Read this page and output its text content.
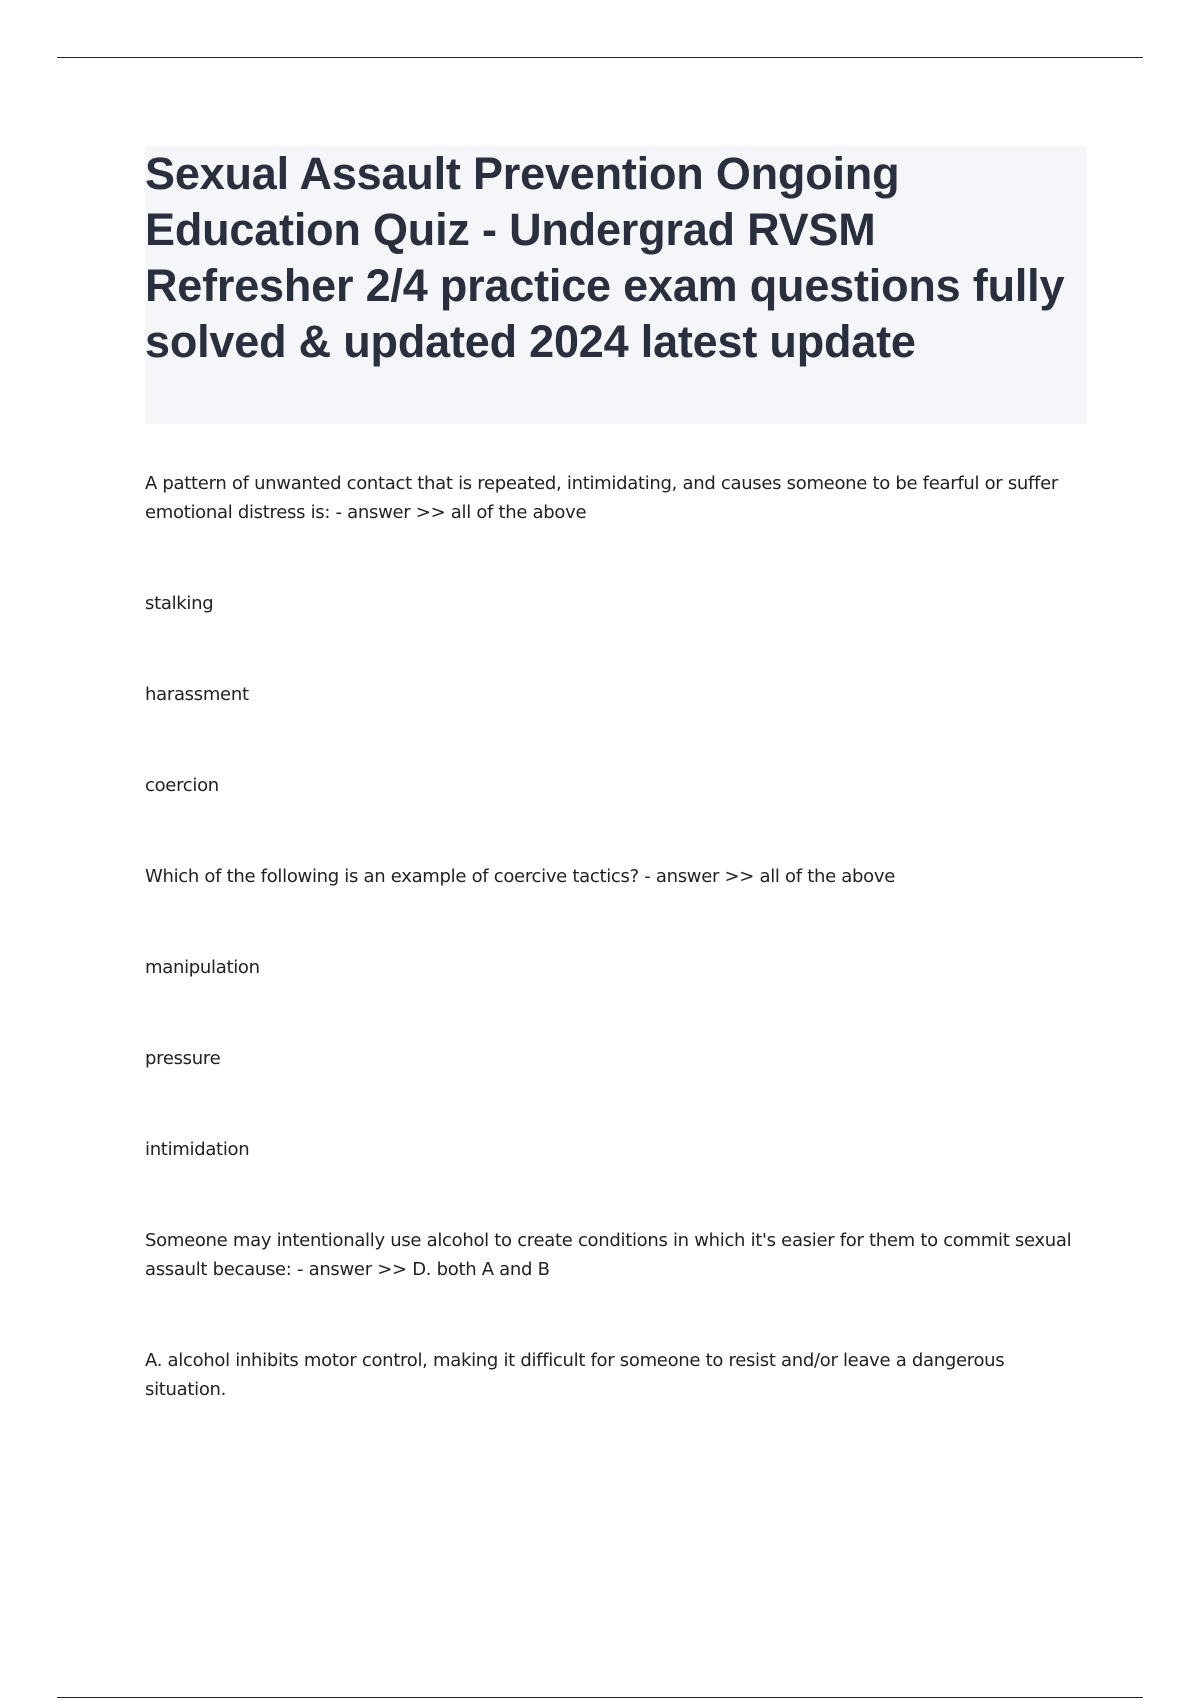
Sexual Assault Prevention Ongoing Education Quiz - Undergrad RVSM Refresher 2/4 practice exam questions fully solved & updated 2024 latest update

A pattern of unwanted contact that is repeated, intimidating, and causes someone to be fearful or suffer emotional distress is: - answer >> all of the above

stalking

harassment

coercion

Which of the following is an example of coercive tactics? - answer >> all of the above

manipulation

pressure

intimidation

Someone may intentionally use alcohol to create conditions in which it's easier for them to commit sexual assault because: - answer >> D. both A and B

A. alcohol inhibits motor control, making it difficult for someone to resist and/or leave a dangerous situation.
